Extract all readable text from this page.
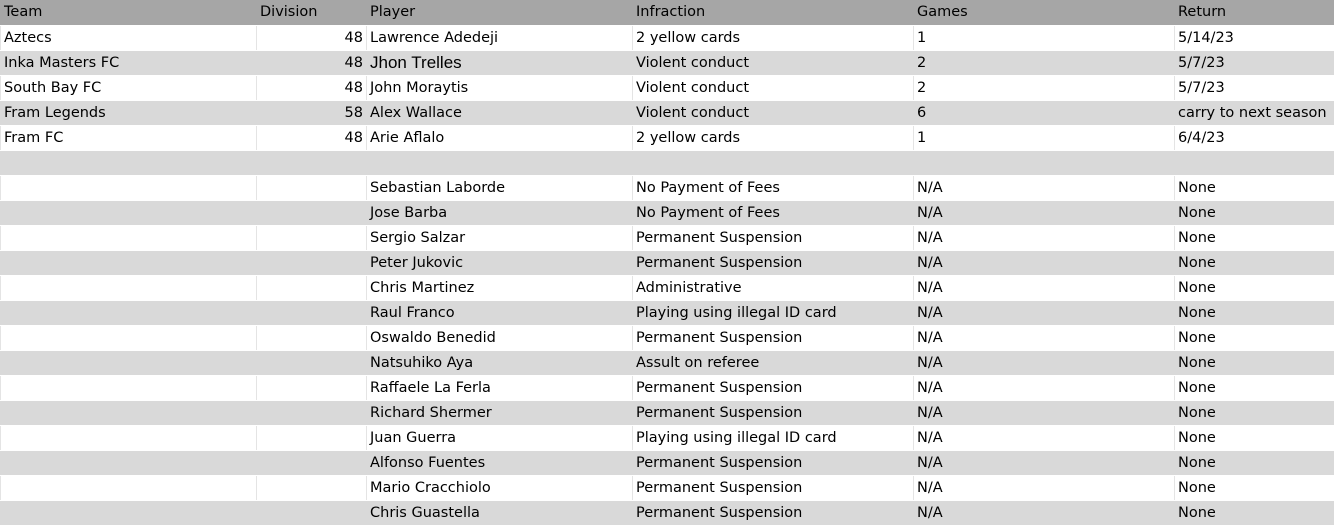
Team	Division	Player	Infraction	Games	Return
Aztecs	48	Lawrence Adedeji	2 yellow cards	1	5/14/23
Inka Masters FC	48	Jhon Trelles	Violent conduct	2	5/7/23
South Bay FC	48	John Moraytis	Violent conduct	2	5/7/23
Fram Legends	58	Alex Wallace	Violent conduct	6	carry to next season
Fram FC	48	Arie Aflalo	2 yellow cards	1	6/4/23

		Sebastian Laborde	No Payment of Fees	N/A	None
		Jose Barba	No Payment of Fees	N/A	None
		Sergio Salzar	Permanent Suspension	N/A	None
		Peter Jukovic	Permanent Suspension	N/A	None
		Chris Martinez	Administrative	N/A	None
		Raul Franco	Playing using illegal ID card	N/A	None
		Oswaldo Benedid	Permanent Suspension	N/A	None
		Natsuhiko Aya	Assult on referee	N/A	None
		Raffaele La Ferla	Permanent Suspension	N/A	None
		Richard Shermer	Permanent Suspension	N/A	None
		Juan Guerra	Playing using illegal ID card	N/A	None
		Alfonso Fuentes	Permanent Suspension	N/A	None
		Mario Cracchiolo	Permanent Suspension	N/A	None
		Chris Guastella	Permanent Suspension	N/A	None
